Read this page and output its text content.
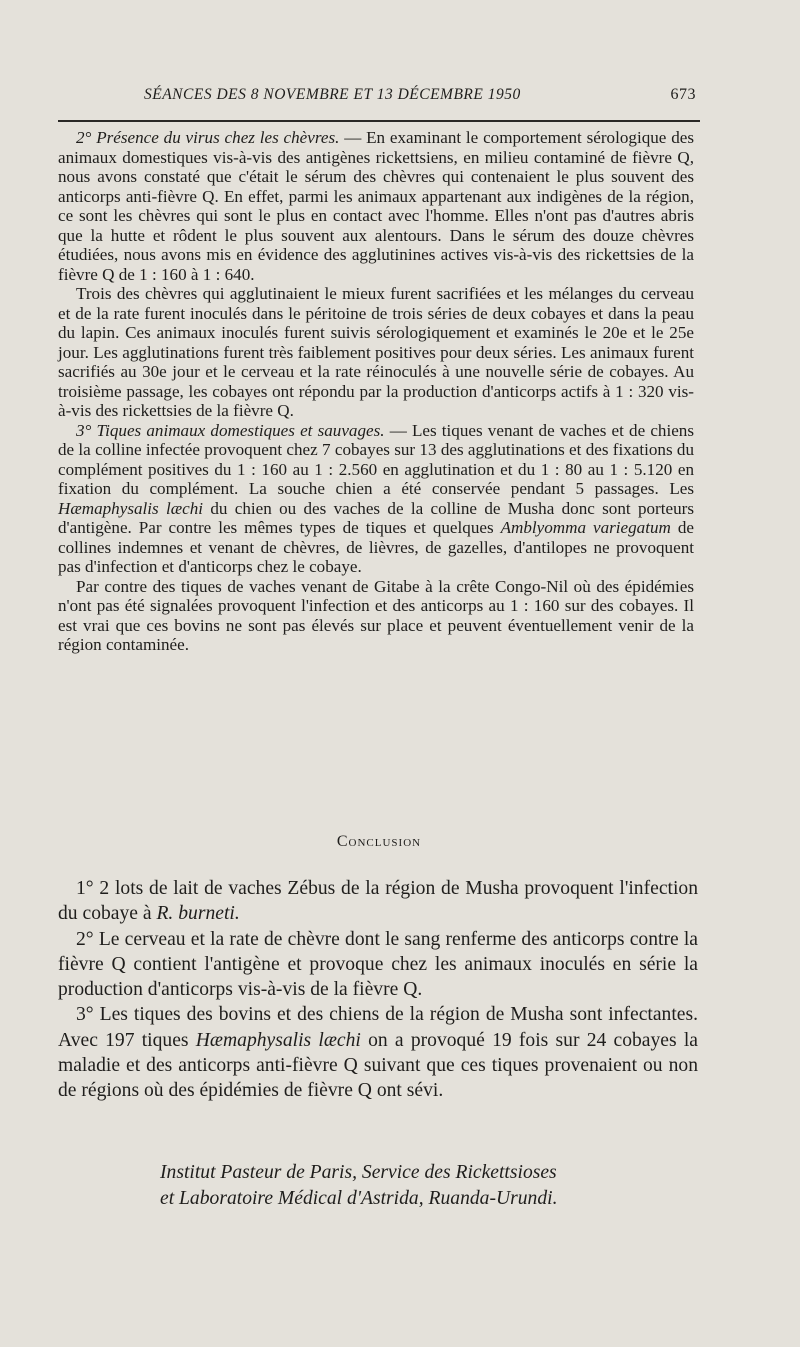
SÉANCES DES 8 NOVEMBRE ET 13 DÉCEMBRE 1950	673

2° Présence du virus chez les chèvres. — En examinant le comportement sérologique des animaux domestiques vis-à-vis des antigènes rickettsiens, en milieu contaminé de fièvre Q, nous avons constaté que c'était le sérum des chèvres qui contenaient le plus souvent des anticorps anti-fièvre Q. En effet, parmi les animaux appartenant aux indigènes de la région, ce sont les chèvres qui sont le plus en contact avec l'homme. Elles n'ont pas d'autres abris que la hutte et rôdent le plus souvent aux alentours. Dans le sérum des douze chèvres étudiées, nous avons mis en évidence des agglutinines actives vis-à-vis des rickettsies de la fièvre Q de 1 : 160 à 1 : 640.

Trois des chèvres qui agglutinaient le mieux furent sacrifiées et les mélanges du cerveau et de la rate furent inoculés dans le péritoine de trois séries de deux cobayes et dans la peau du lapin. Ces animaux inoculés furent suivis sérologiquement et examinés le 20e et le 25e jour. Les agglutinations furent très faiblement positives pour deux séries. Les animaux furent sacrifiés au 30e jour et le cerveau et la rate réinoculés à une nouvelle série de cobayes. Au troisième passage, les cobayes ont répondu par la production d'anticorps actifs à 1 : 320 vis-à-vis des rickettsies de la fièvre Q.

3° Tiques animaux domestiques et sauvages. — Les tiques venant de vaches et de chiens de la colline infectée provoquent chez 7 cobayes sur 13 des agglutinations et des fixations du complément positives du 1 : 160 au 1 : 2.560 en agglutination et du 1 : 80 au 1 : 5.120 en fixation du complément. La souche chien a été conservée pendant 5 passages. Les Hæmaphysalis læchi du chien ou des vaches de la colline de Musha donc sont porteurs d'antigène. Par contre les mêmes types de tiques et quelques Amblyomma variegatum de collines indemnes et venant de chèvres, de lièvres, de gazelles, d'antilopes ne provoquent pas d'infection et d'anticorps chez le cobaye.

Par contre des tiques de vaches venant de Gitabe à la crête Congo-Nil où des épidémies n'ont pas été signalées provoquent l'infection et des anticorps au 1 : 160 sur des cobayes. Il est vrai que ces bovins ne sont pas élevés sur place et peuvent éventuellement venir de la région contaminée.

Conclusion

1° 2 lots de lait de vaches Zébus de la région de Musha provoquent l'infection du cobaye à R. burneti.

2° Le cerveau et la rate de chèvre dont le sang renferme des anticorps contre la fièvre Q contient l'antigène et provoque chez les animaux inoculés en série la production d'anticorps vis-à-vis de la fièvre Q.

3° Les tiques des bovins et des chiens de la région de Musha sont infectantes. Avec 197 tiques Hæmaphysalis læchi on a provoqué 19 fois sur 24 cobayes la maladie et des anticorps anti-fièvre Q suivant que ces tiques provenaient ou non de régions où des épidémies de fièvre Q ont sévi.

Institut Pasteur de Paris, Service des Rickettsioses
et Laboratoire Médical d'Astrida, Ruanda-Urundi.
